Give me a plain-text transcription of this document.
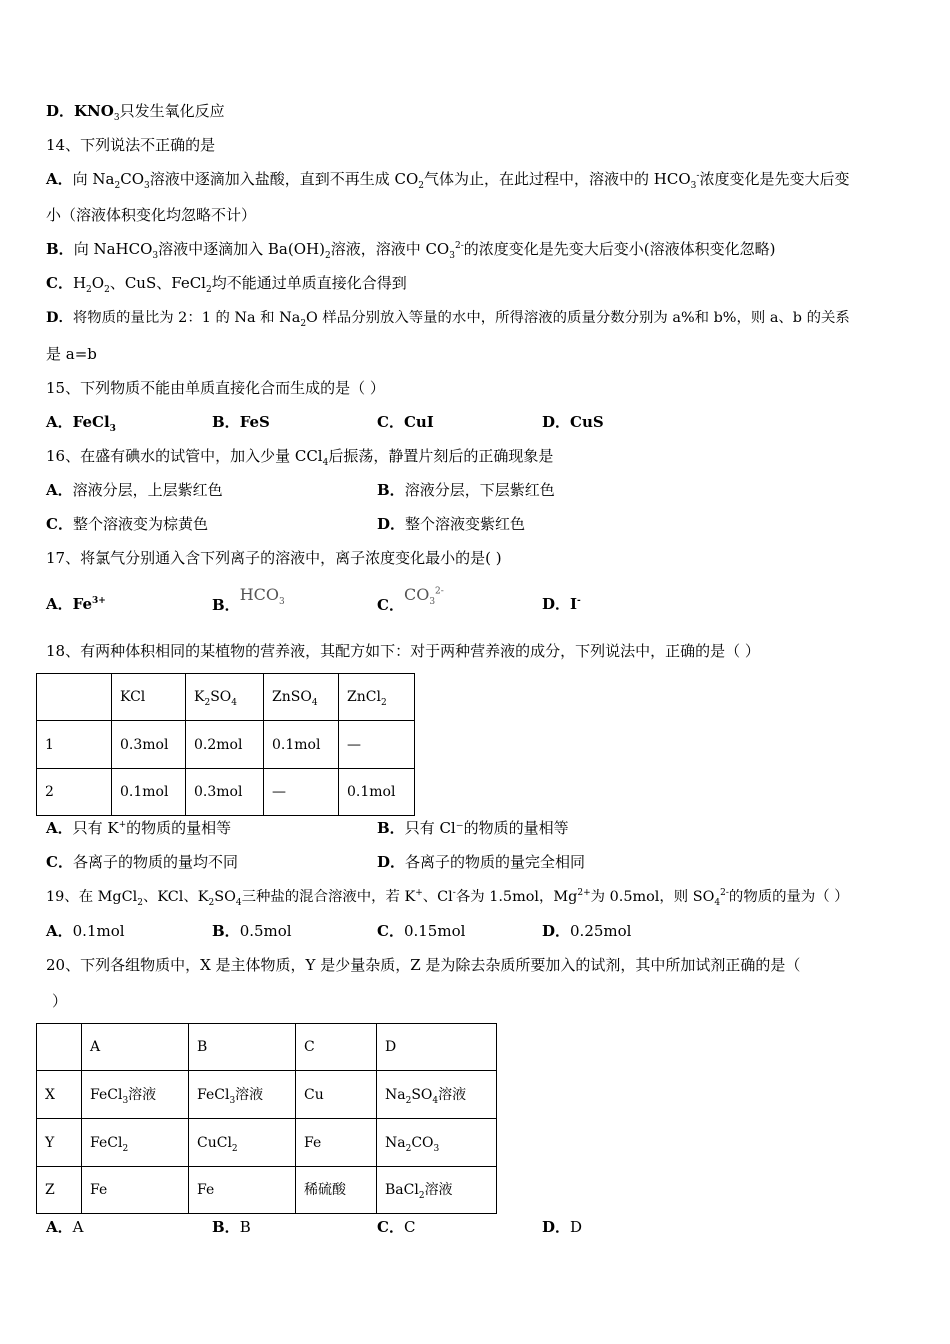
D．$KNO_3$只发生氧化反应
14、下列说法不正确的是
A．向 $Na_2CO_3$溶液中逐滴加入盐酸，直到不再生成 $CO_2$气体为止，在此过程中，溶液中的 $HCO_3^-$浓度变化是先变大后变
小（溶液体积变化均忽略不计）
B．向 NaHCO$_3$溶液中逐滴加入 $Ba(OH)_2$溶液，溶液中 $CO_3^{2-}$的浓度变化是先变大后变小(溶液体积变化忽略)
C．$H_2O_2$、CuS、FeCl$_2$均不能通过单质直接化合得到
D．将物质的量比为 2：1 的 Na 和 $Na_2O$ 样品分别放入等量的水中，所得溶液的质量分数分别为 a%和 b%，则 a、b 的关系
是 a=b
15、下列物质不能由单质直接化合而生成的是（ ）
A．FeCl$_3$	B．FeS	C．CuI	D．CuS
16、在盛有碘水的试管中，加入少量 CCl$_4$后振荡，静置片刻后的正确现象是
A．溶液分层，上层紫红色	B．溶液分层，下层紫红色
C．整个溶液变为棕黄色	D．整个溶液变紫红色
17、将氯气分别通入含下列离子的溶液中，离子浓度变化最小的是( )
A．$Fe^{3+}$	B．$HCO_3$	C．$CO_3^{2-}$
D．I-
18、有两种体积相同的某植物的营养液，其配方如下：对于两种营养液的成分，下列说法中，正确的是（ ）
	KCl	$K_2SO_4$	ZnSO$_4$	ZnCl$_2$
1	0.3mol	0.2mol	0.1mol	—
2	0.1mol	0.3mol	—	0.1mol
A．只有 K+的物质的量相等	B．只有 Cl⁻的物质的量相等
C．各离子的物质的量均不同	D．各离子的物质的量完全相同
19、在 MgCl$_2$、KCl、$K_2SO_4$三种盐的混合溶液中，若 K+、Cl-各为 1.5mol，$Mg^{2+}$为 0.5mol，则 $SO_4^{2-}$的物质的量为（ ）
A．0.1mol	B．0.5mol	C．0.15mol	D．0.25mol
20、下列各组物质中，X 是主体物质，Y 是少量杂质，Z 是为除去杂质所要加入的试剂，其中所加试剂正确的是（
）
	A	B	C	D
X	FeCl$_3$溶液	FeCl$_3$溶液	Cu	$Na_2SO_4$溶液
Y	FeCl$_2$	CuCl$_2$	Fe	$Na_2CO_3$
Z	Fe	Fe	稀硫酸	BaCl$_2$溶液
A．A	B．B	C．C	D．D
